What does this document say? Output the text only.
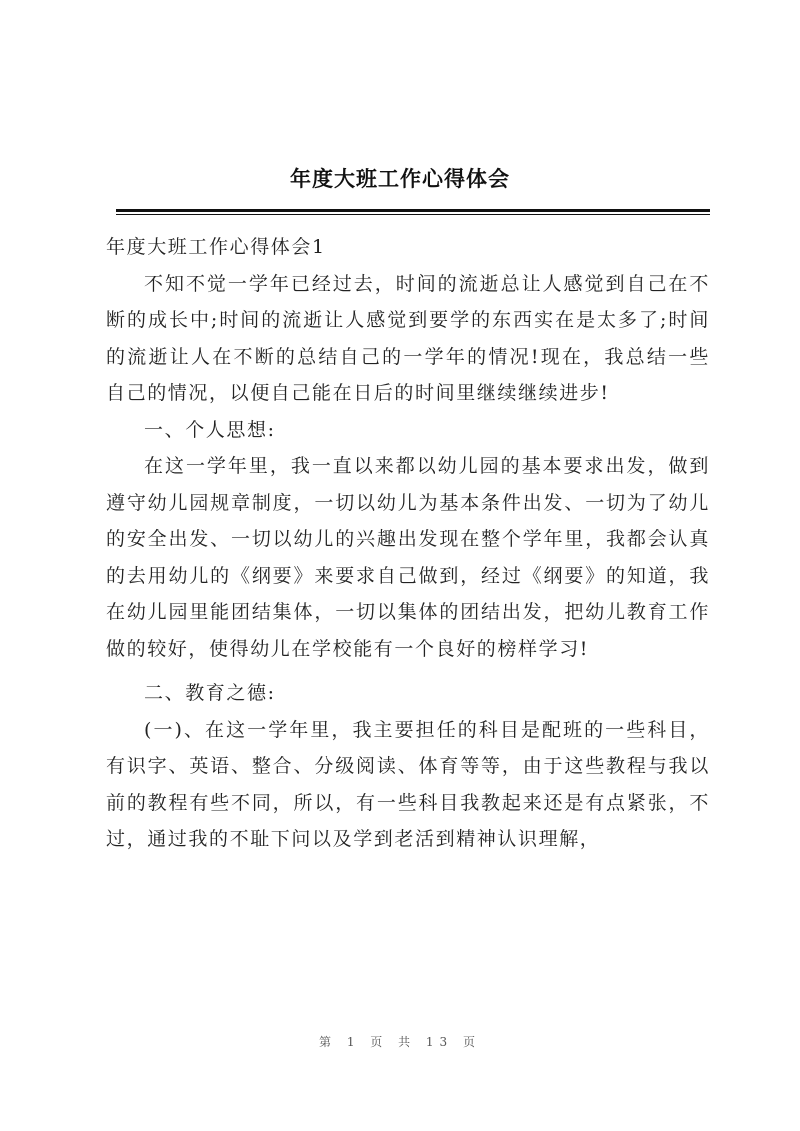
年度大班工作心得体会

年度大班工作心得体会1

不知不觉一学年已经过去，时间的流逝总让人感觉到自己在不断的成长中;时间的流逝让人感觉到要学的东西实在是太多了;时间的流逝让人在不断的总结自己的一学年的情况!现在，我总结一些自己的情况，以便自己能在日后的时间里继续继续进步!

一、个人思想:

在这一学年里，我一直以来都以幼儿园的基本要求出发，做到遵守幼儿园规章制度，一切以幼儿为基本条件出发、一切为了幼儿的安全出发、一切以幼儿的兴趣出发现在整个学年里，我都会认真的去用幼儿的《纲要》来要求自己做到，经过《纲要》的知道，我在幼儿园里能团结集体，一切以集体的团结出发，把幼儿教育工作做的较好，使得幼儿在学校能有一个良好的榜样学习!

二、教育之德:

(一)、在这一学年里，我主要担任的科目是配班的一些科目，有识字、英语、整合、分级阅读、体育等等，由于这些教程与我以前的教程有些不同，所以，有一些科目我教起来还是有点紧张，不过，通过我的不耻下问以及学到老活到精神认识理解，

第 1 页 共 13 页
